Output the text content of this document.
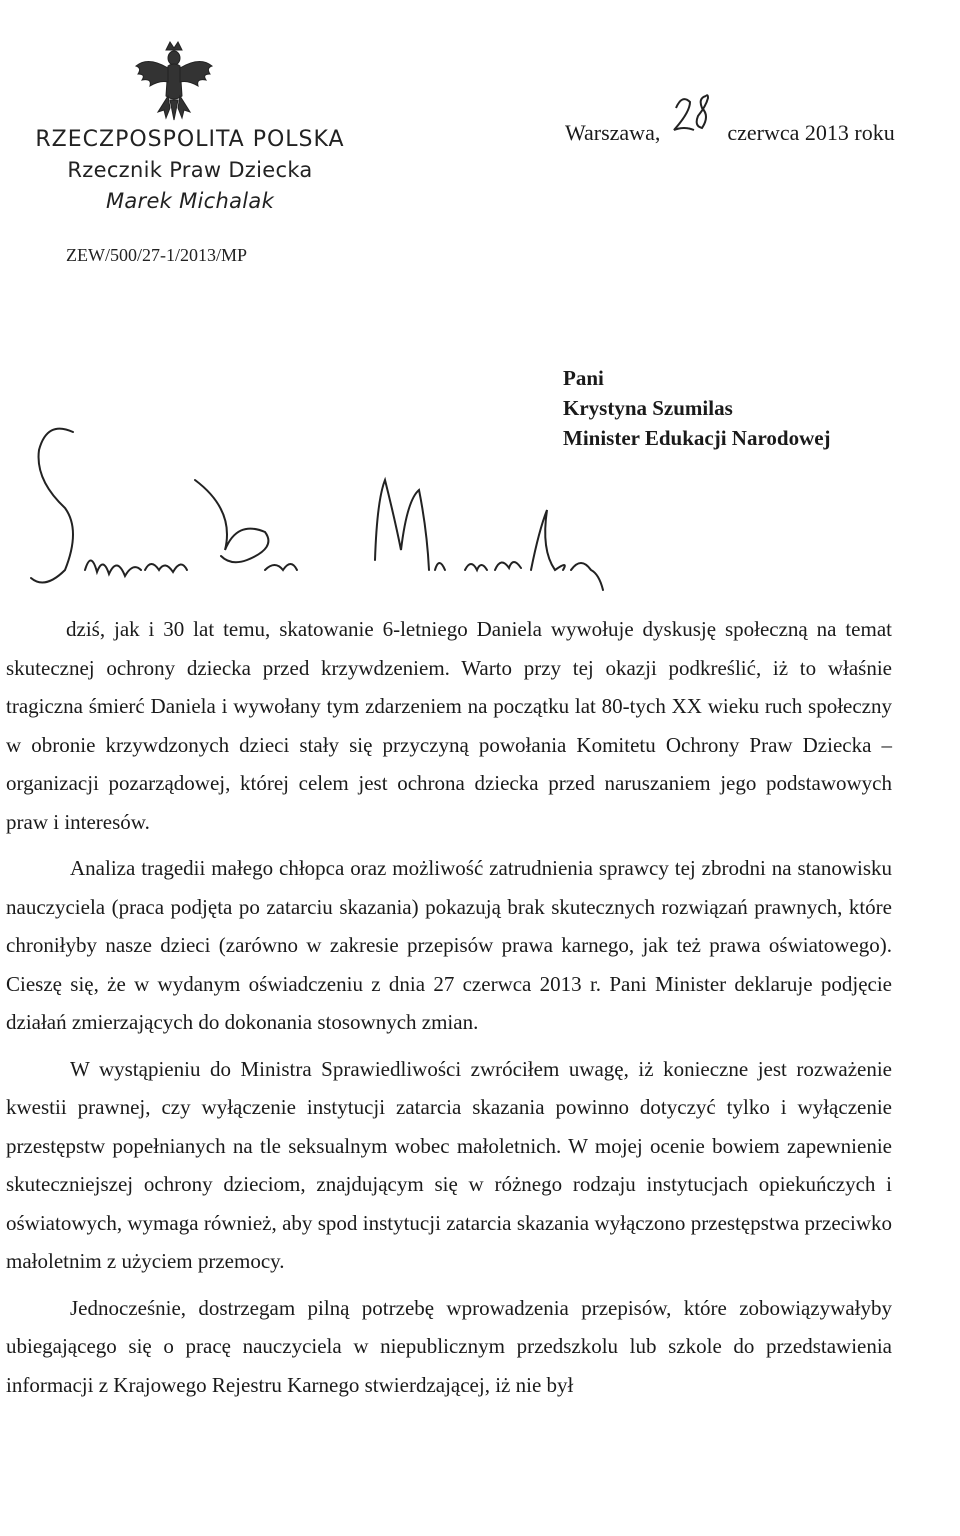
RZECZPOSPOLITA POLSKA
Rzecznik Praw Dziecka
Marek Michalak
ZEW/500/27-1/2013/MP
Warszawa,	czerwca 2013 roku
Pani
Krystyna Szumilas
Minister Edukacji Narodowej

dziś, jak i 30 lat temu, skatowanie 6-letniego Daniela wywołuje dyskusję społeczną na temat skutecznej ochrony dziecka przed krzywdzeniem. Warto przy tej okazji podkreślić, iż to właśnie tragiczna śmierć Daniela i wywołany tym zdarzeniem na początku lat 80-tych XX wieku ruch społeczny w obronie krzywdzonych dzieci stały się przyczyną powołania Komitetu Ochrony Praw Dziecka – organizacji pozarządowej, której celem jest ochrona dziecka przed naruszaniem jego podstawowych praw i interesów.

Analiza tragedii małego chłopca oraz możliwość zatrudnienia sprawcy tej zbrodni na stanowisku nauczyciela (praca podjęta po zatarciu skazania) pokazują brak skutecznych rozwiązań prawnych, które chroniłyby nasze dzieci (zarówno w zakresie przepisów prawa karnego, jak też prawa oświatowego). Cieszę się, że w wydanym oświadczeniu z dnia 27 czerwca 2013 r. Pani Minister deklaruje podjęcie działań zmierzających do dokonania stosownych zmian.

W wystąpieniu do Ministra Sprawiedliwości zwróciłem uwagę, iż konieczne jest rozważenie kwestii prawnej, czy wyłączenie instytucji zatarcia skazania powinno dotyczyć tylko i wyłączenie przestępstw popełnianych na tle seksualnym wobec małoletnich. W mojej ocenie bowiem zapewnienie skuteczniejszej ochrony dzieciom, znajdującym się w różnego rodzaju instytucjach opiekuńczych i oświatowych, wymaga również, aby spod instytucji zatarcia skazania wyłączono przestępstwa przeciwko małoletnim z użyciem przemocy.

Jednocześnie, dostrzegam pilną potrzebę wprowadzenia przepisów, które zobowiązywałyby ubiegającego się o pracę nauczyciela w niepublicznym przedszkolu lub szkole do przedstawienia informacji z Krajowego Rejestru Karnego stwierdzającej, iż nie był
